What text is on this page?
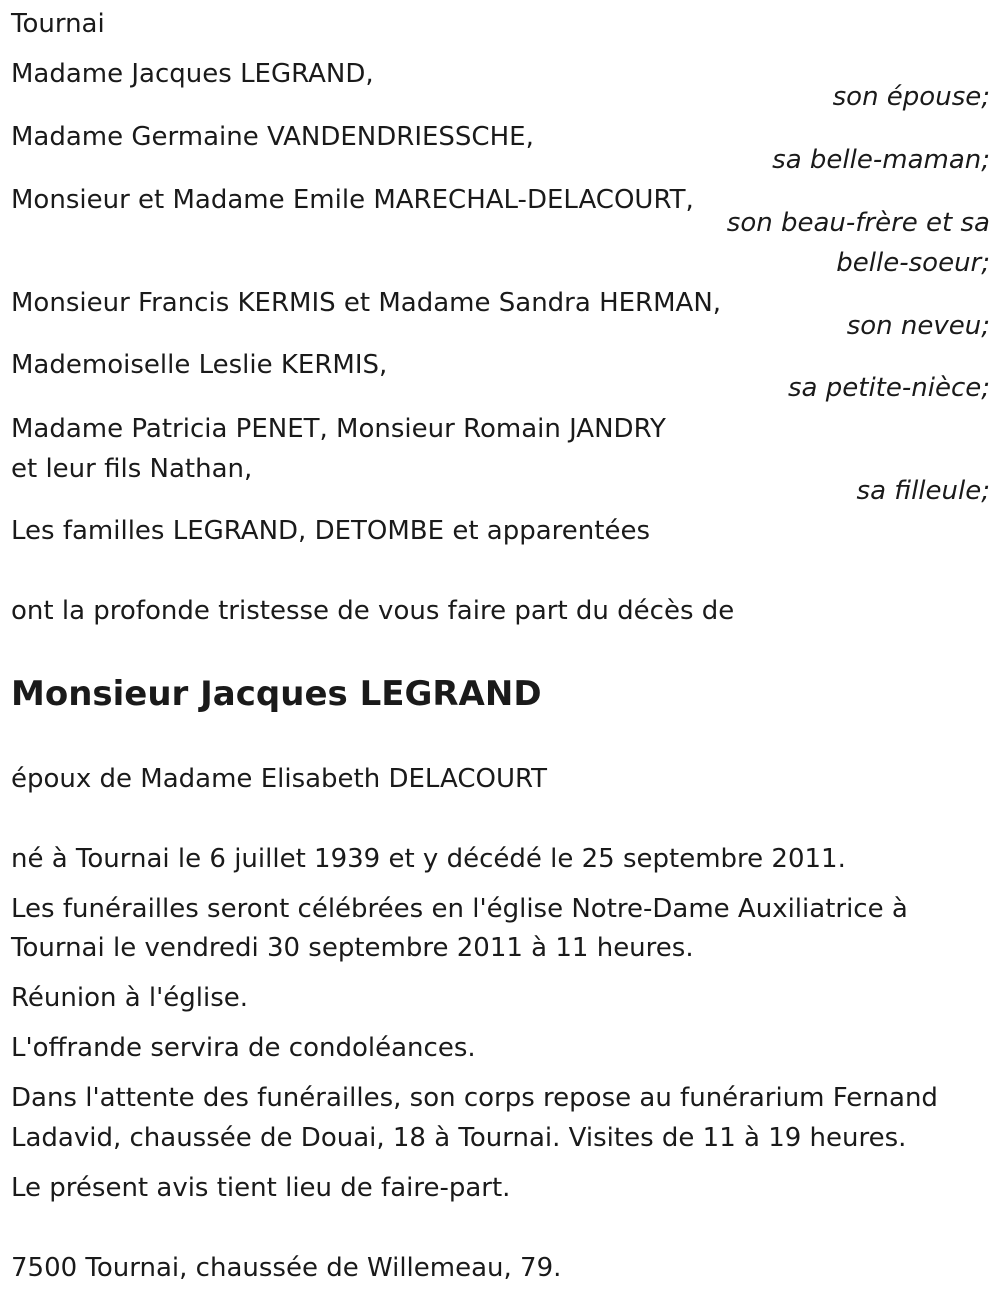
Tournai
Madame Jacques LEGRAND,
son épouse;
Madame Germaine VANDENDRIESSCHE,
sa belle-maman;
Monsieur et Madame Emile MARECHAL-DELACOURT,
son beau-frère et sa
belle-soeur;
Monsieur Francis KERMIS et Madame Sandra HERMAN,
son neveu;
Mademoiselle Leslie KERMIS,
sa petite-nièce;
Madame Patricia PENET, Monsieur Romain JANDRY
et leur fils Nathan,
sa filleule;
Les familles LEGRAND, DETOMBE et apparentées
ont la profonde tristesse de vous faire part du décès de
Monsieur Jacques LEGRAND
époux de Madame Elisabeth DELACOURT
né à Tournai le 6 juillet 1939 et y décédé le 25 septembre 2011.
Les funérailles seront célébrées en l'église Notre-Dame Auxiliatrice à
Tournai le vendredi 30 septembre 2011 à 11 heures.
Réunion à l'église.
L'offrande servira de condoléances.
Dans l'attente des funérailles, son corps repose au funérarium Fernand
Ladavid, chaussée de Douai, 18 à Tournai. Visites de 11 à 19 heures.
Le présent avis tient lieu de faire-part.
7500 Tournai, chaussée de Willemeau, 79.
